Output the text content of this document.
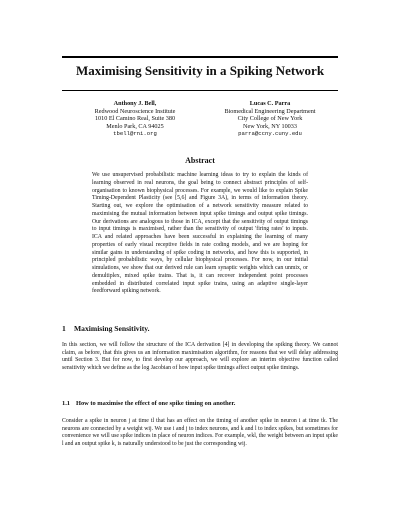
Maximising Sensitivity in a Spiking Network
Anthony J. Bell,
Redwood Neuroscience Institute
1010 El Camino Real, Suite 380
Menlo Park, CA 94025
tbell@rni.org
Lucas C. Parra
Biomedical Engineering Department
City College of New York
New York, NY 10033
parra@ccny.cuny.edu
Abstract

We use unsupervised probabilistic machine learning ideas to try to explain the kinds of learning observed in real neurons, the goal being to connect abstract principles of self-organisation to known biophysical processes. For example, we would like to explain Spike Timing-Dependent Plasticity (see [5,6] and Figure 3A), in terms of information theory. Starting out, we explore the optimisation of a network sensitivity measure related to maximising the mutual information between input spike timings and output spike timings. Our derivations are analogous to those in ICA, except that the sensitivity of output timings to input timings is maximised, rather than the sensitivity of output 'firing rates' to inputs. ICA and related approaches have been successful in explaining the learning of many properties of early visual receptive fields in rate coding models, and we are hoping for similar gains in understanding of spike coding in networks, and how this is supported, in principled probabilistic ways, by cellular biophysical processes. For now, in our initial simulations, we show that our derived rule can learn synaptic weights which can unmix, or demultiplex, mixed spike trains. That is, it can recover independent point processes embedded in distributed correlated input spike trains, using an adaptive single-layer feedforward spiking network.

1 Maximising Sensitivity.

In this section, we will follow the structure of the ICA derivation [4] in developing the spiking theory. We cannot claim, as before, that this gives us an information maximisation algorithm, for reasons that we will delay addressing until Section 3. But for now, to first develop our approach, we will explore an interim objective function called sensitivity which we define as the log Jacobian of how input spike timings affect output spike timings.

1.1 How to maximise the effect of one spike timing on another.

Consider a spike in neuron j at time tl that has an effect on the timing of another spike in neuron i at time tk. The neurons are connected by a weight wij. We use i and j to index neurons, and k and l to index spikes, but sometimes for convenience we will use spike indices in place of neuron indices. For example, wkl, the weight between an input spike l and an output spike k, is naturally understood to be just the corresponding wij.
